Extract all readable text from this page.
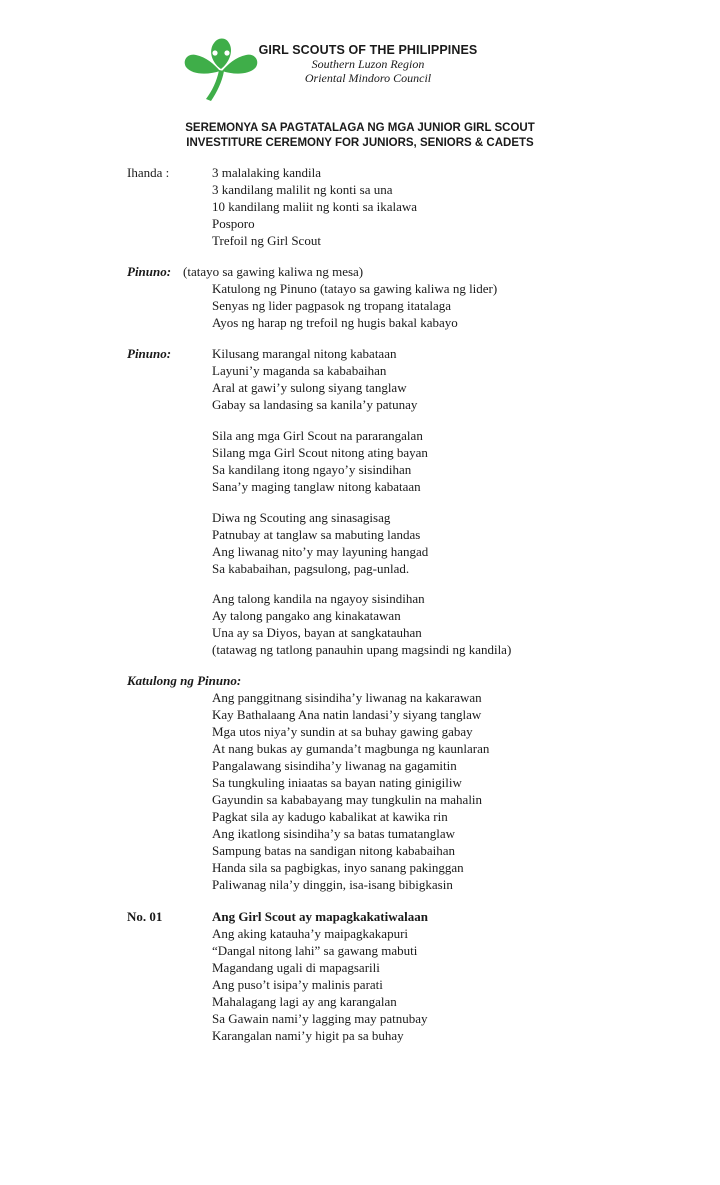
GIRL SCOUTS OF THE PHILIPPINES
Southern Luzon Region
Oriental Mindoro Council
SEREMONYA SA PAGTATALAGA NG MGA JUNIOR GIRL SCOUT
INVESTITURE CEREMONY FOR JUNIORS, SENIORS & CADETS
Ihanda :	3 malalaking kandila
3 kandilang malilit ng konti sa una
10 kandilang maliit ng konti sa ikalawa
Posporo
Trefoil ng Girl Scout
Pinuno: (tatayo sa gawing kaliwa ng mesa)
Katulong ng Pinuno (tatayo sa gawing kaliwa ng lider)
Senyas ng lider pagpasok ng tropang itatalaga
Ayos ng harap ng trefoil ng hugis bakal kabayo
Pinuno:	Kilusang marangal nitong kabataan
Layuni’y maganda sa kababaihan
Aral at gawi’y sulong siyang tanglaw
Gabay sa landasing sa kanila’y patunay
Sila ang mga Girl Scout na pararangalan
Silang mga Girl Scout nitong ating bayan
Sa kandilang itong ngayo’y sisindihan
Sana’y maging tanglaw nitong kabataan
Diwa ng Scouting ang sinasagisag
Patnubay at tanglaw sa mabuting landas
Ang liwanag nito’y may layuning hangad
Sa kababaihan, pagsulong, pag-unlad.
Ang talong kandila na ngayoy sisindihan
Ay talong pangako ang kinakatawan
Una ay sa Diyos, bayan at sangkatauhan
(tatawag ng tatlong panauhin upang magsindi ng kandila)
Katulong ng Pinuno:
Ang panggitnang sisindiha’y liwanag na kakarawan
Kay Bathalaang Ana natin landasi’y siyang tanglaw
Mga utos niya’y sundin at sa buhay gawing gabay
At nang bukas ay gumanda’t magbunga ng kaunlaran
Pangalawang sisindiha’y liwanag na gagamitin
Sa tungkuling iniaatas sa bayan nating ginigiliw
Gayundin sa kababayang may tungkulin na mahalin
Pagkat sila ay kadugo kabalikat at kawika rin
Ang ikatlong sisindiha’y sa batas tumatanglaw
Sampung batas na sandigan nitong kababaihan
Handa sila sa pagbigkas, inyo sanang pakinggan
Paliwanag nila’y dinggin, isa-isang bibigkasin
No. 01	Ang Girl Scout ay mapagkakatiwalaan
Ang aking katauha’y maipagkakapuri
“Dangal nitong lahi” sa gawang mabuti
Magandang ugali di mapagsarili
Ang puso’t isipa’y malinis parati
Mahalagang lagi ay ang karangalan
Sa Gawain nami’y lagging may patnubay
Karangalan nami’y higit pa sa buhay
